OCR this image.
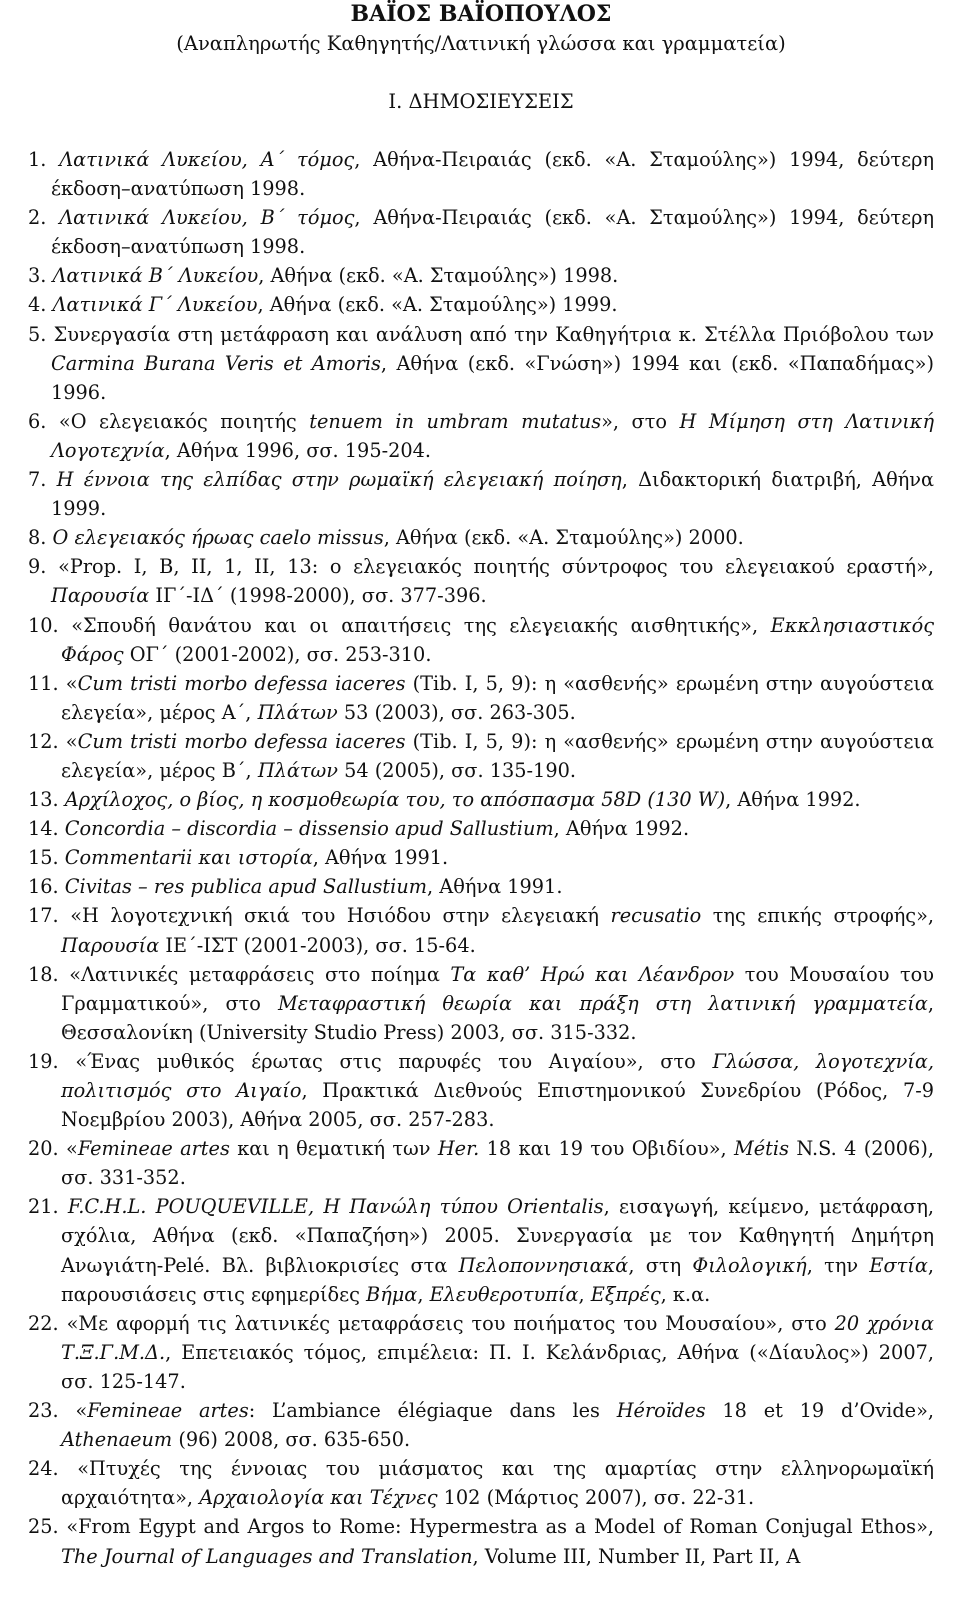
ΒΑΪΟΣ ΒΑΪΟΠΟΥΛΟΣ
(Αναπληρωτής Καθηγητής/Λατινική γλώσσα και γραμματεία)
Ι. ΔΗΜΟΣΙΕΥΣΕΙΣ
1. Λατινικά Λυκείου, Α΄ τόμος, Αθήνα-Πειραιάς (εκδ. «Α. Σταμούλης») 1994, δεύτερη έκδοση–ανατύπωση 1998.
2. Λατινικά Λυκείου, Β΄ τόμος, Αθήνα-Πειραιάς (εκδ. «Α. Σταμούλης») 1994, δεύτερη έκδοση–ανατύπωση 1998.
3. Λατινικά Β΄ Λυκείου, Αθήνα (εκδ. «Α. Σταμούλης») 1998.
4. Λατινικά Γ΄ Λυκείου, Αθήνα (εκδ. «Α. Σταμούλης») 1999.
5. Συνεργασία στη μετάφραση και ανάλυση από την Καθηγήτρια κ. Στέλλα Πριόβολου των Carmina Burana Veris et Amoris, Αθήνα (εκδ. «Γνώση») 1994 και (εκδ. «Παπαδήμας») 1996.
6. «Ο ελεγειακός ποιητής tenuem in umbram mutatus», στο Η Μίμηση στη Λατινική Λογοτεχνία, Αθήνα 1996, σσ. 195-204.
7. Η έννοια της ελπίδας στην ρωμαϊκή ελεγειακή ποίηση, Διδακτορική διατριβή, Αθήνα 1999.
8. Ο ελεγειακός ήρωας caelo missus, Αθήνα (εκδ. «Α. Σταμούλης») 2000.
9. «Prop. I, B, II, 1, II, 13: ο ελεγειακός ποιητής σύντροφος του ελεγειακού εραστή», Παρουσία ΙΓ΄-ΙΔ΄ (1998-2000), σσ. 377-396.
10. «Σπουδή θανάτου και οι απαιτήσεις της ελεγειακής αισθητικής», Εκκλησιαστικός Φάρος ΟΓ΄ (2001-2002), σσ. 253-310.
11. «Cum tristi morbo defessa iaceres (Tib. I, 5, 9): η «ασθενής» ερωμένη στην αυγούστεια ελεγεία», μέρος Α΄, Πλάτων 53 (2003), σσ. 263-305.
12. «Cum tristi morbo defessa iaceres (Tib. I, 5, 9): η «ασθενής» ερωμένη στην αυγούστεια ελεγεία», μέρος Β΄, Πλάτων 54 (2005), σσ. 135-190.
13. Αρχίλοχος, ο βίος, η κοσμοθεωρία του, το απόσπασμα 58D (130 W), Αθήνα 1992.
14. Concordia – discordia – dissensio apud Sallustium, Αθήνα 1992.
15. Commentarii και ιστορία, Αθήνα 1991.
16. Civitas – res publica apud Sallustium, Αθήνα 1991.
17. «Η λογοτεχνική σκιά του Ησιόδου στην ελεγειακή recusatio της επικής στροφής», Παρουσία ΙΕ΄-ΙΣΤ (2001-2003), σσ. 15-64.
18. «Λατινικές μεταφράσεις στο ποίημα Τα καθ’ Ηρώ και Λέανδρον του Μουσαίου του Γραμματικού», στο Μεταφραστική θεωρία και πράξη στη λατινική γραμματεία, Θεσσαλονίκη (University Studio Press) 2003, σσ. 315-332.
19. «Ένας μυθικός έρωτας στις παρυφές του Αιγαίου», στο Γλώσσα, λογοτεχνία, πολιτισμός στο Αιγαίο, Πρακτικά Διεθνούς Επιστημονικού Συνεδρίου (Ρόδος, 7-9 Νοεμβρίου 2003), Αθήνα 2005, σσ. 257-283.
20. «Femineae artes και η θεματική των Her. 18 και 19 του Οβιδίου», Métis N.S. 4 (2006), σσ. 331-352.
21. F.C.H.L. POUQUEVILLE, Η Πανώλη τύπου Orientalis, εισαγωγή, κείμενο, μετάφραση, σχόλια, Αθήνα (εκδ. «Παπαζήση») 2005. Συνεργασία με τον Καθηγητή Δημήτρη Ανωγιάτη-Pelé. Βλ. βιβλιοκρισίες στα Πελοποννησιακά, στη Φιλολογική, την Εστία, παρουσιάσεις στις εφημερίδες Βήμα, Ελευθεροτυπία, Εξπρές, κ.α.
22. «Με αφορμή τις λατινικές μεταφράσεις του ποιήματος του Μουσαίου», στο 20 χρόνια Τ.Ξ.Γ.Μ.Δ., Επετειακός τόμος, επιμέλεια: Π. Ι. Κελάνδριας, Αθήνα («Δίαυλος») 2007, σσ. 125-147.
23. «Femineae artes: L’ambiance élégiaque dans les Héroïdes 18 et 19 d’Ovide», Athenaeum (96) 2008, σσ. 635-650.
24. «Πτυχές της έννοιας του μιάσματος και της αμαρτίας στην ελληνορωμαϊκή αρχαιότητα», Αρχαιολογία και Τέχνες 102 (Μάρτιος 2007), σσ. 22-31.
25. «From Egypt and Argos to Rome: Hypermestra as a Model of Roman Conjugal Ethos», The Journal of Languages and Translation, Volume III, Number II, Part II, A
